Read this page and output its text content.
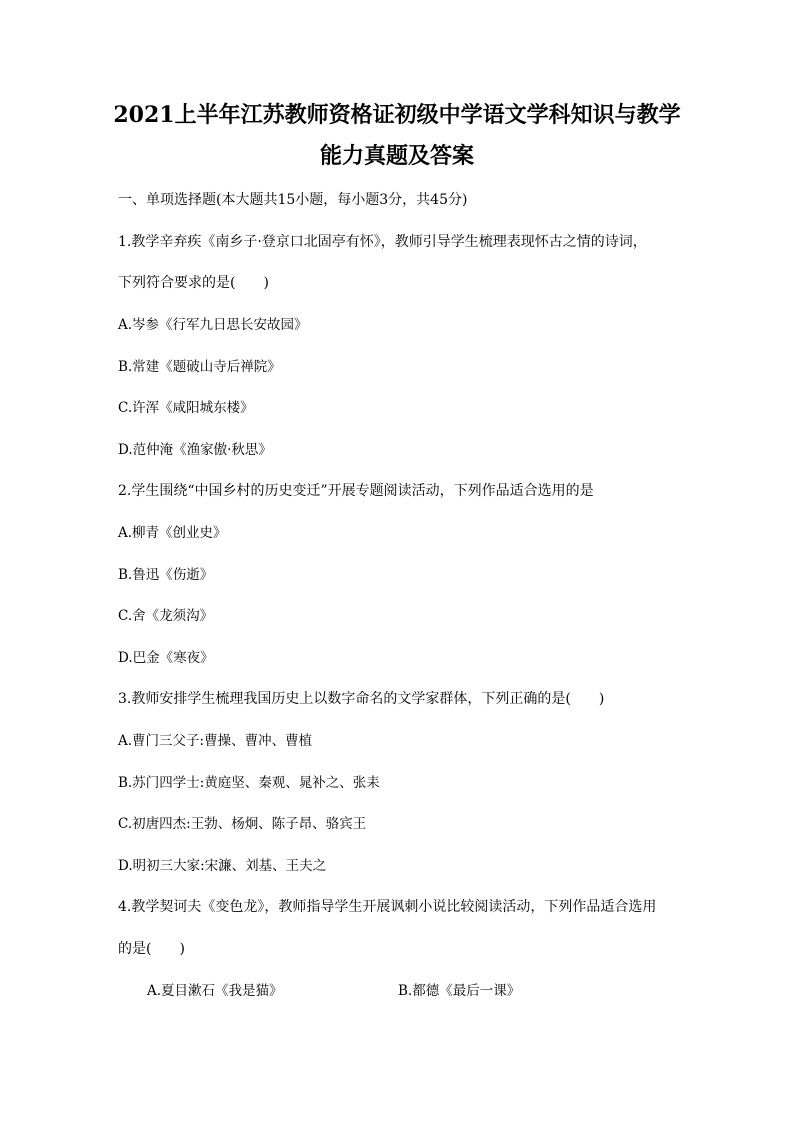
2021上半年江苏教师资格证初级中学语文学科知识与教学
能力真题及答案
一、单项选择题(本大题共15小题，每小题3分，共45分)
1.教学辛弃疾《南乡子·登京口北固亭有怀》，教师引导学生梳理表现怀古之情的诗词，
下列符合要求的是(　　)
A.岑参《行军九日思长安故园》
B.常建《题破山寺后禅院》
C.许浑《咸阳城东楼》
D.范仲淹《渔家傲·秋思》
2.学生围绕“中国乡村的历史变迁”开展专题阅读活动，下列作品适合选用的是
A.柳青《创业史》
B.鲁迅《伤逝》
C.舍《龙须沟》
D.巴金《寒夜》
3.教师安排学生梳理我国历史上以数字命名的文学家群体，下列正确的是(　　)
A.曹门三父子:曹操、曹冲、曹植
B.苏门四学士:黄庭坚、秦观、晁补之、张耒
C.初唐四杰:王勃、杨炯、陈子昂、骆宾王
D.明初三大家:宋濂、刘基、王夫之
4.教学契诃夫《变色龙》，教师指导学生开展讽刺小说比较阅读活动，下列作品适合选用
的是(　　)
A.夏目漱石《我是猫》	B.都德《最后一课》
